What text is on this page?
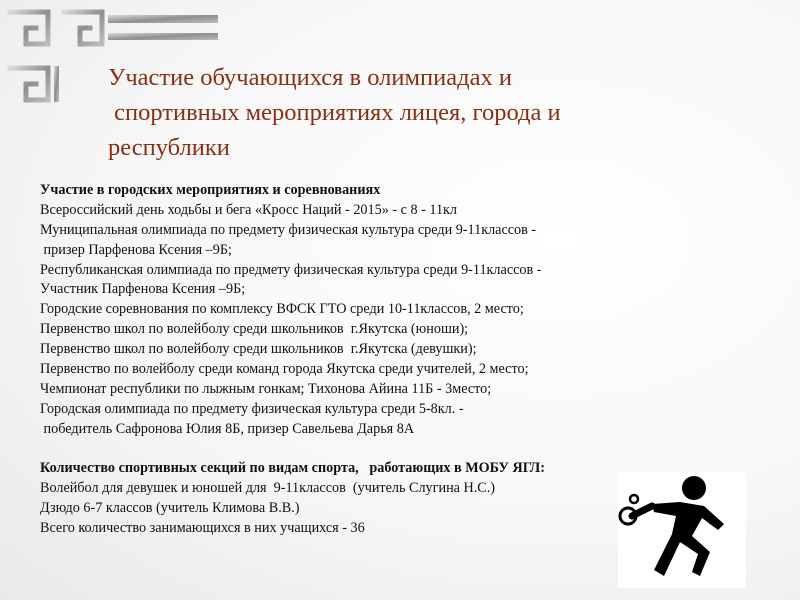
Участие обучающихся в олимпиадах и
спортивных мероприятиях лицея, города и
республики
Участие в городских мероприятиях и соревнованиях
Всероссийский день ходьбы и бега «Кросс Наций - 2015» - с 8 - 11кл
Муниципальная олимпиада по предмету физическая культура среди 9-11классов -
призер Парфенова Ксения –9Б;
Республиканская олимпиада по предмету физическая культура среди 9-11классов -
Участник Парфенова Ксения –9Б;
Городские соревнования по комплексу ВФСК ГТО среди 10-11классов, 2 место;
Первенство школ по волейболу среди школьников  г.Якутска (юноши);
Первенство школ по волейболу среди школьников  г.Якутска (девушки);
Первенство по волейболу среди команд города Якутска среди учителей, 2 место;
Чемпионат республики по лыжным гонкам; Тихонова Айина 11Б - 3место;
Городская олимпиада по предмету физическая культура среди 5-8кл. -
победитель Сафронова Юлия 8Б, призер Савельева Дарья 8А
Количество спортивных секций по видам спорта,   работающих в МОБУ ЯГЛ:
Волейбол для девушек и юношей для  9-11классов  (учитель Слугина Н.С.)
Дзюдо 6-7 классов (учитель Климова В.В.)
Всего количество занимающихся в них учащихся - 36
